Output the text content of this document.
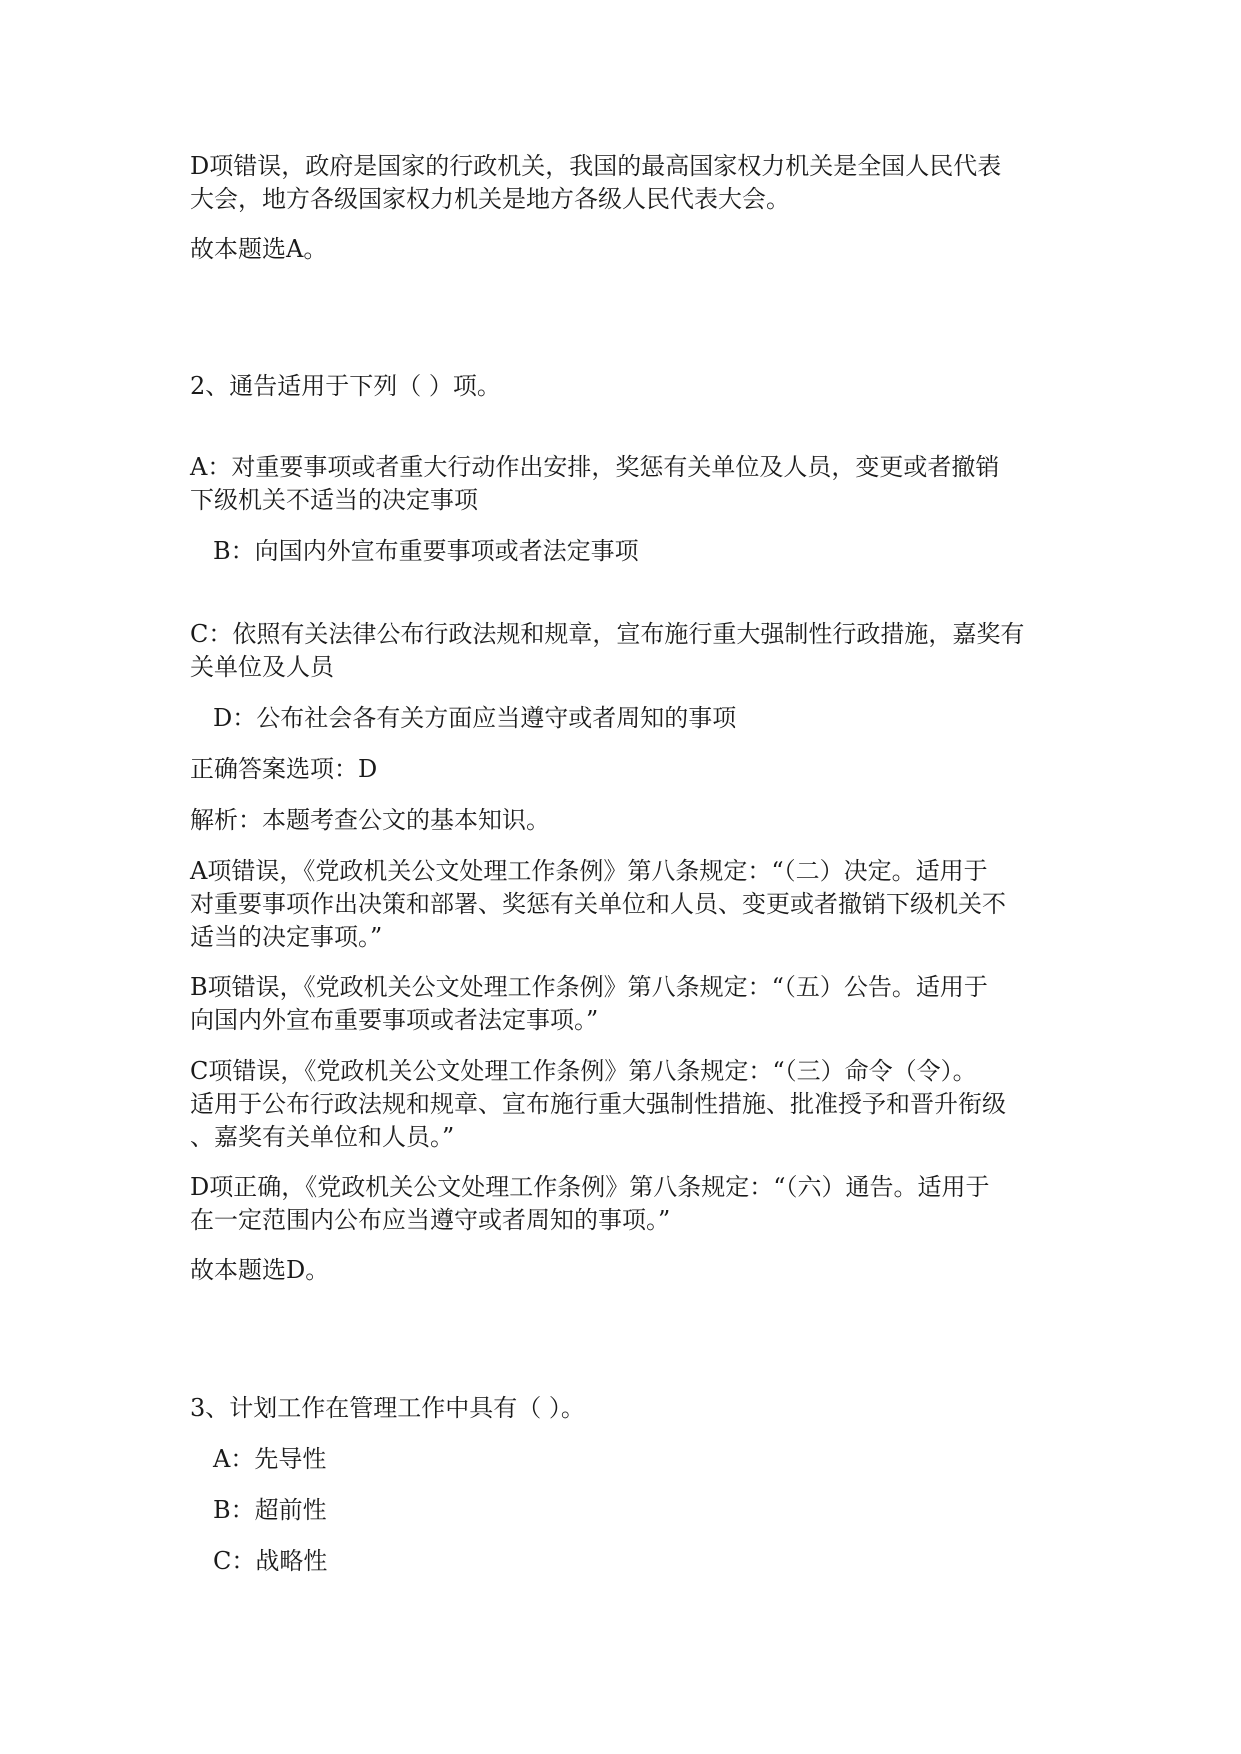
D项错误，政府是国家的行政机关，我国的最高国家权力机关是全国人民代表
大会，地方各级国家权力机关是地方各级人民代表大会。
故本题选A。
2、通告适用于下列（ ）项。
A：对重要事项或者重大行动作出安排，奖惩有关单位及人员，变更或者撤销
下级机关不适当的决定事项
B：向国内外宣布重要事项或者法定事项
C：依照有关法律公布行政法规和规章，宣布施行重大强制性行政措施，嘉奖有
关单位及人员
D：公布社会各有关方面应当遵守或者周知的事项
正确答案选项：D
解析：本题考查公文的基本知识。
A项错误，《党政机关公文处理工作条例》第八条规定：“（二）决定。适用于
对重要事项作出决策和部署、奖惩有关单位和人员、变更或者撤销下级机关不
适当的决定事项。”
B项错误，《党政机关公文处理工作条例》第八条规定：“（五）公告。适用于
向国内外宣布重要事项或者法定事项。”
C项错误，《党政机关公文处理工作条例》第八条规定：“（三）命令（令）。
适用于公布行政法规和规章、宣布施行重大强制性措施、批准授予和晋升衔级
、嘉奖有关单位和人员。”
D项正确，《党政机关公文处理工作条例》第八条规定：“（六）通告。适用于
在一定范围内公布应当遵守或者周知的事项。”
故本题选D。
3、计划工作在管理工作中具有（ ）。
A：先导性
B：超前性
C：战略性
